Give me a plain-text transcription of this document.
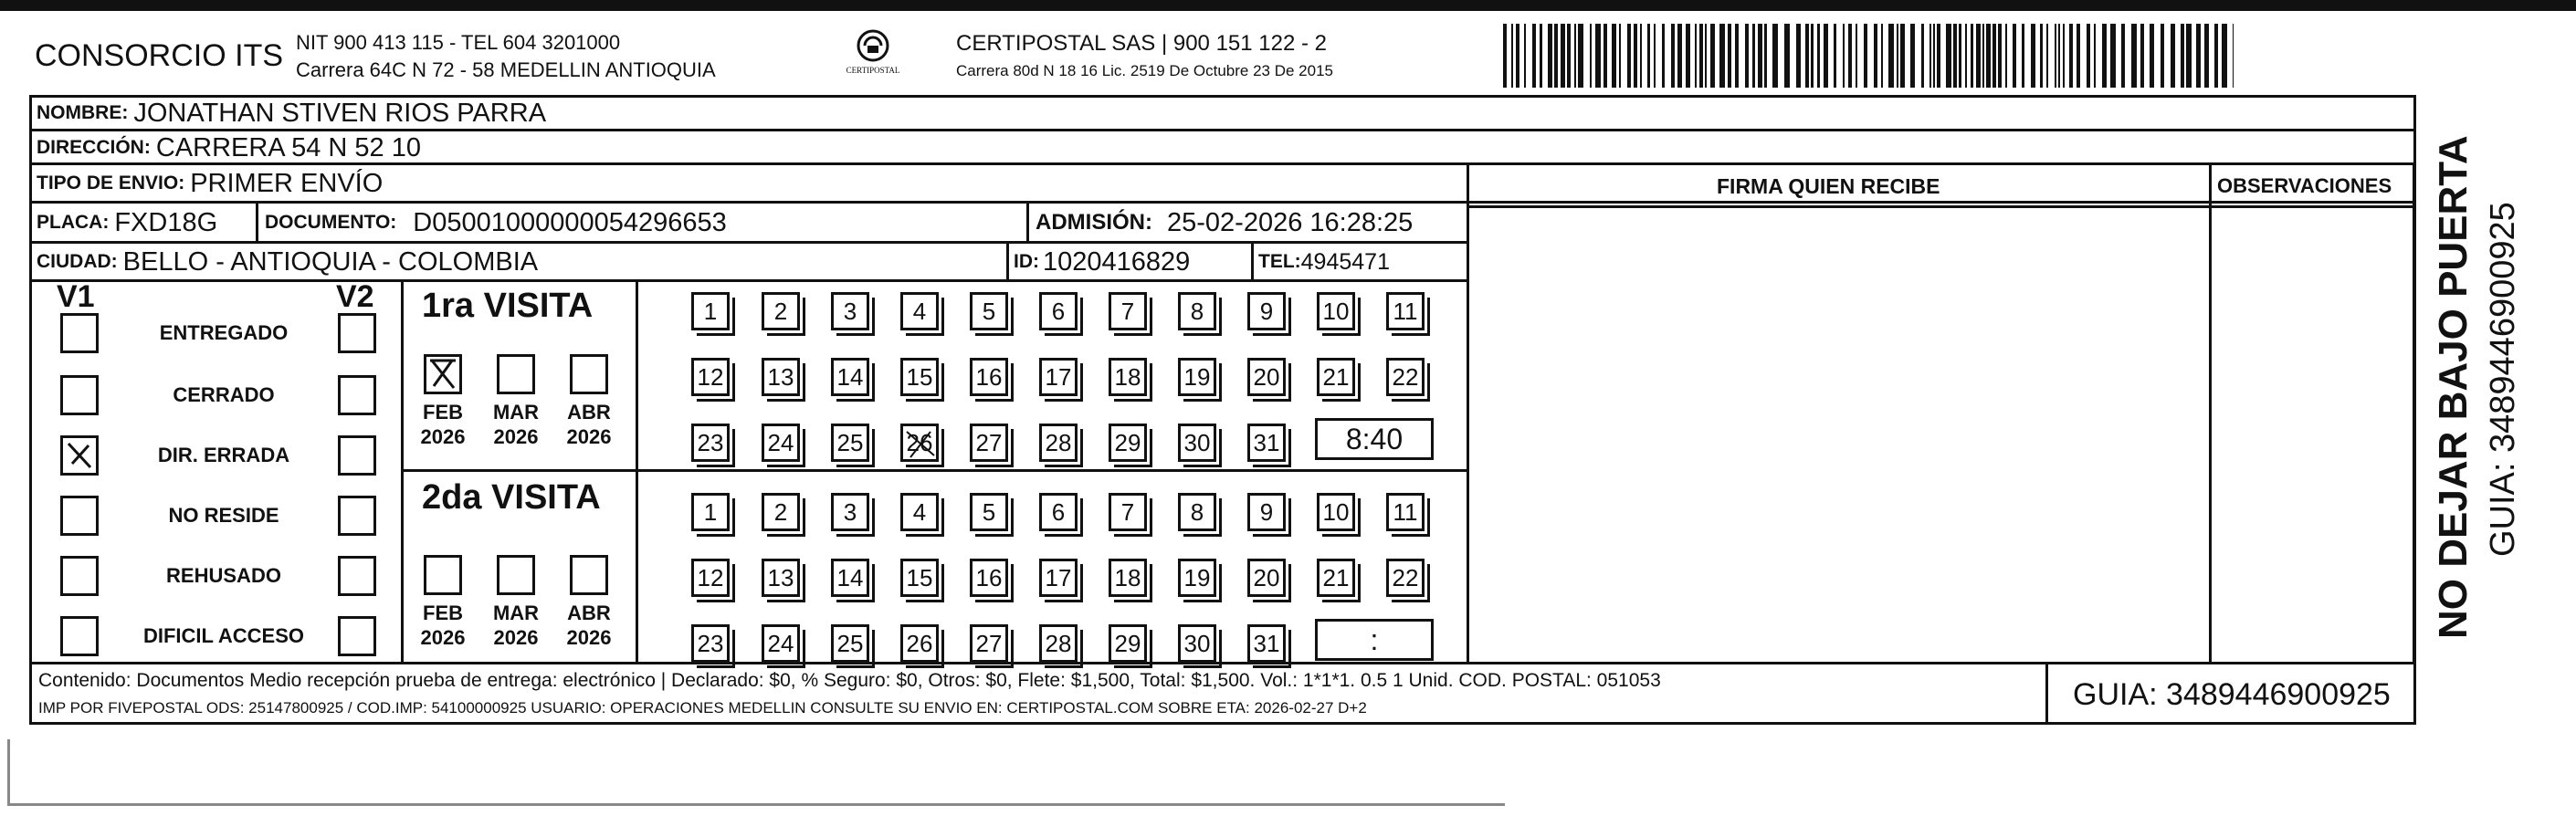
CONSORCIO ITS NIT 900 413 115 - TEL 604 3201000
Carrera 64C N 72 - 58 MEDELLIN ANTIOQUIA	CERTIPOSTAL
CERTIPOSTAL SAS | 900 151 122 - 2
Carrera 80d N 18 16 Lic. 2519 De Octubre 23 De 2015
NOMBRE: JONATHAN STIVEN RIOS PARRA
DIRECCIÓN: CARRERA 54 N 52 10
TIPO DE ENVIO: PRIMER ENVÍO	FIRMA QUIEN RECIBE	OBSERVACIONES
PLACA: FXD18G DOCUMENTO: D05001000000054296653	ADMISIÓN: 25-02-2026 16:28:25
CIUDAD: BELLO - ANTIOQUIA - COLOMBIA	ID: 1020416829	TEL: 4945471
V1	V2
ENTREGADO
CERRADO
DIR. ERRADA
NO RESIDE
REHUSADO
DIFICIL ACCESO
1ra VISITA
2da VISITA
FEB
2026
MAR
2026
ABR
2026
1	2	3	4	5	6	7	8	9	10 11
12 13 14 15 16 17 18 19 20 21 22
23 24 25 26 27 28 29 30 31	8:40
FEB
2026
MAR
2026
ABR
2026
1	2	3	4	5	6	7	8	9	10 11
12 13 14 15 16 17 18 19 20 21 22
23 24 25 26 27 28 29 30 31	:
Contenido: Documentos Medio recepción prueba de entrega: electrónico | Declarado: $0, % Seguro: $0, Otros: $0, Flete: $1,500, Total: $1,500. Vol.: 1*1*1. 0.5 1 Unid. COD. POSTAL: 051053
IMP POR FIVEPOSTAL ODS: 25147800925 / COD.IMP: 54100000925 USUARIO: OPERACIONES MEDELLIN CONSULTE SU ENVIO EN: CERTIPOSTAL.COM SOBRE ETA: 2026-02-27 D+2	GUIA: 3489446900925
NO DEJAR BAJO PUERTA GUIA: 3489446900925
